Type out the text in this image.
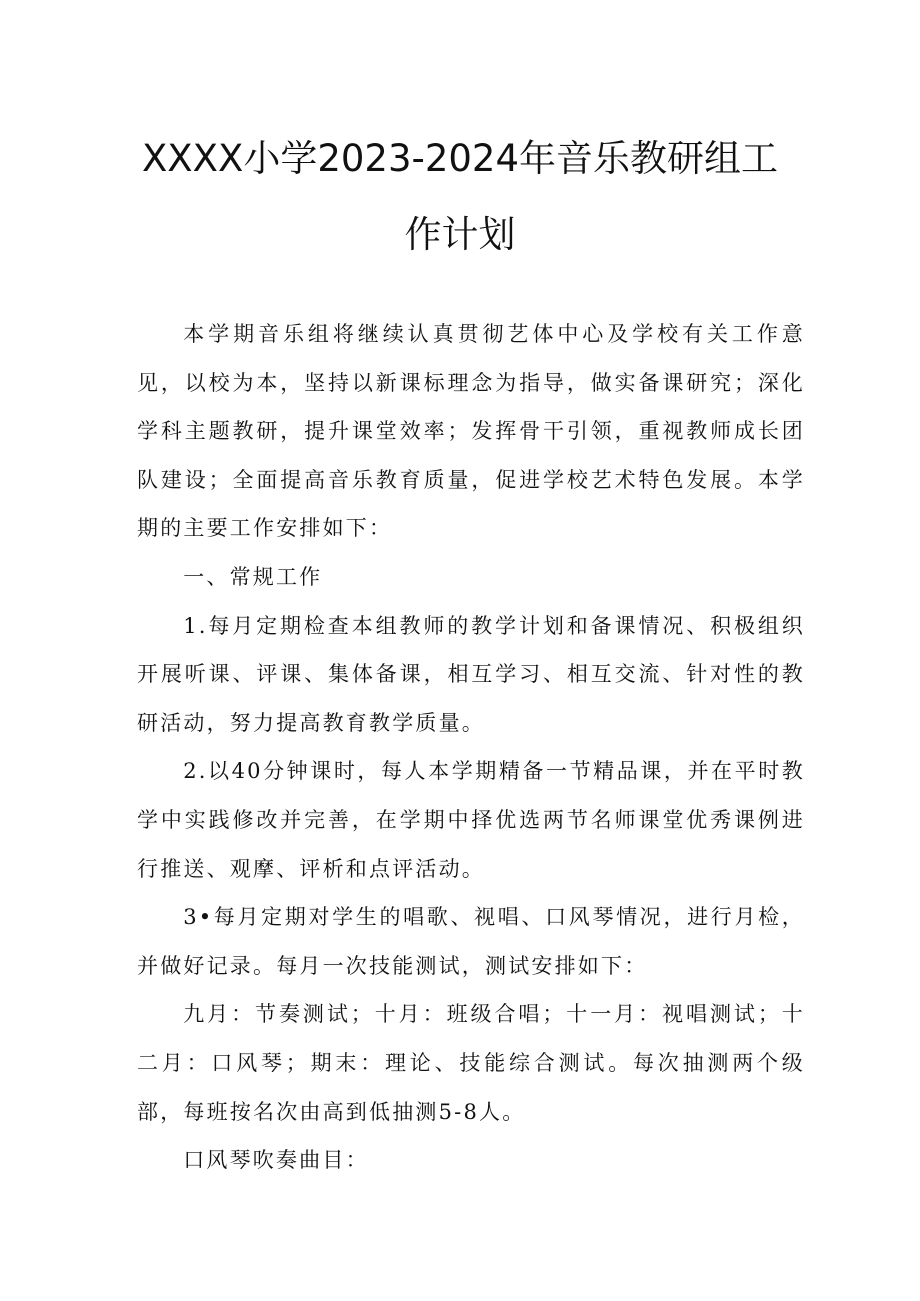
XXXX小学2023-2024年音乐教研组工
作计划

本学期音乐组将继续认真贯彻艺体中心及学校有关工作意见，以校为本，坚持以新课标理念为指导，做实备课研究；深化学科主题教研，提升课堂效率；发挥骨干引领，重视教师成长团队建设；全面提高音乐教育质量，促进学校艺术特色发展。本学期的主要工作安排如下：

一、常规工作

1.每月定期检查本组教师的教学计划和备课情况、积极组织开展听课、评课、集体备课，相互学习、相互交流、针对性的教研活动，努力提高教育教学质量。

2.以40分钟课时，每人本学期精备一节精品课，并在平时教学中实践修改并完善，在学期中择优选两节名师课堂优秀课例进行推送、观摩、评析和点评活动。

3•每月定期对学生的唱歌、视唱、口风琴情况，进行月检，并做好记录。每月一次技能测试，测试安排如下：

九月：节奏测试；十月：班级合唱；十一月：视唱测试；十二月：口风琴；期末：理论、技能综合测试。每次抽测两个级部，每班按名次由高到低抽测5-8人。

口风琴吹奏曲目：
